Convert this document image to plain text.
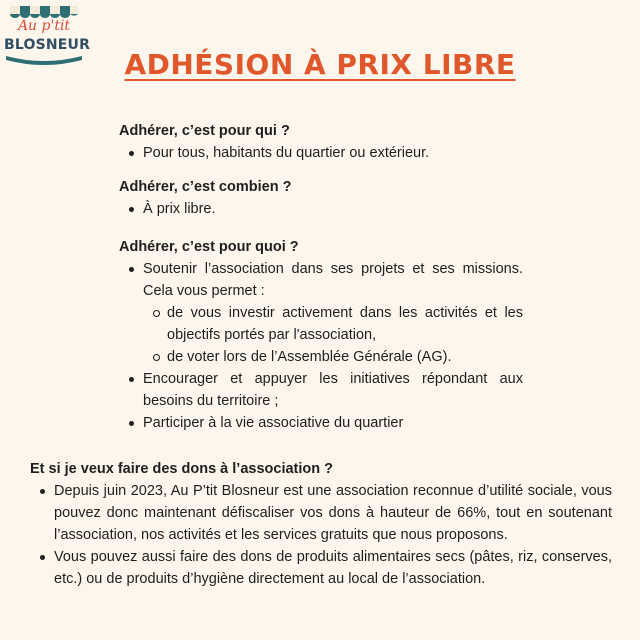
Au p'tit
BLOSNEUR
ADHÉSION À PRIX LIBRE
Adhérer, c’est pour qui ?
Pour tous, habitants du quartier ou extérieur.
Adhérer, c’est combien ?
À prix libre.
Adhérer, c’est pour quoi ?
Soutenir l’association dans ses projets et ses missions. Cela vous permet :
de vous investir activement dans les activités et les objectifs portés par l'association,
de voter lors de l’Assemblée Générale (AG).
Encourager et appuyer les initiatives répondant aux besoins du territoire ;
Participer à la vie associative du quartier
Et si je veux faire des dons à l’association ?
Depuis juin 2023, Au P’tit Blosneur est une association reconnue d’utilité sociale, vous pouvez donc maintenant défiscaliser vos dons à hauteur de 66%, tout en soutenant l’association, nos activités et les services gratuits que nous proposons.
Vous pouvez aussi faire des dons de produits alimentaires secs (pâtes, riz, conserves, etc.) ou de produits d’hygiène directement au local de l’association.
